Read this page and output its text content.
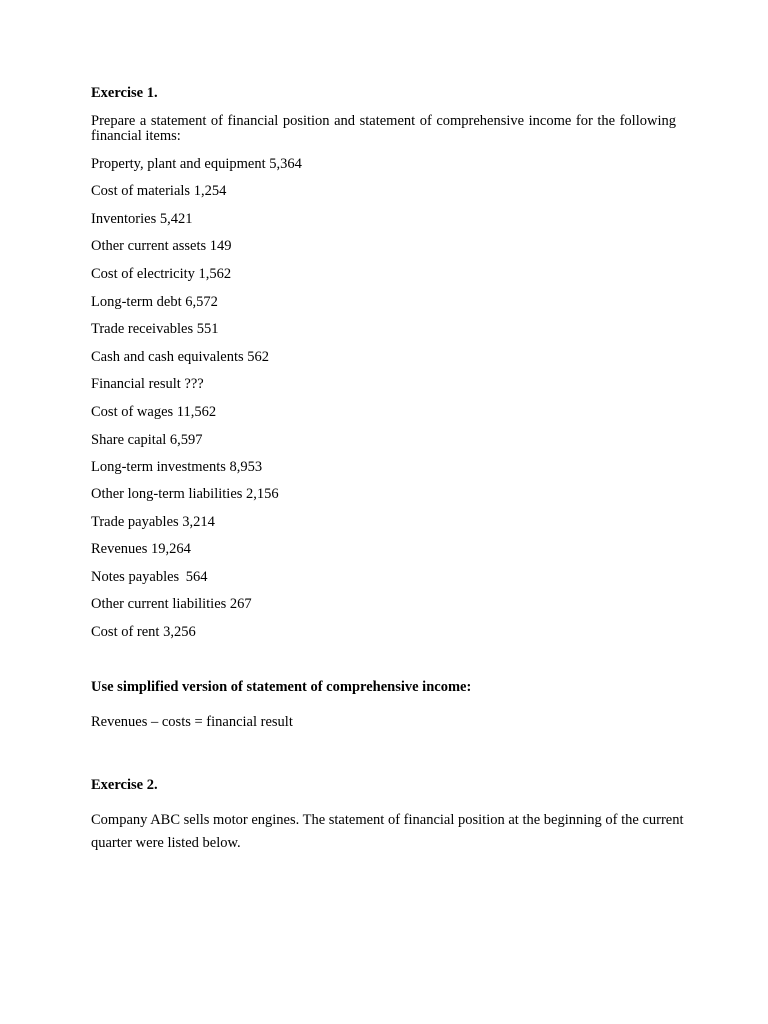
Exercise 1.
Prepare a statement of financial position and statement of comprehensive income for the following
financial items:
Property, plant and equipment 5,364
Cost of materials 1,254
Inventories 5,421
Other current assets 149
Cost of electricity 1,562
Long-term debt 6,572
Trade receivables 551
Cash and cash equivalents 562
Financial result ???
Cost of wages 11,562
Share capital 6,597
Long-term investments 8,953
Other long-term liabilities 2,156
Trade payables 3,214
Revenues 19,264
Notes payables  564
Other current liabilities 267
Cost of rent 3,256
Use simplified version of statement of comprehensive income:
Revenues – costs = financial result
Exercise 2.
Company ABC sells motor engines. The statement of financial position at the beginning of the current
quarter were listed below.
